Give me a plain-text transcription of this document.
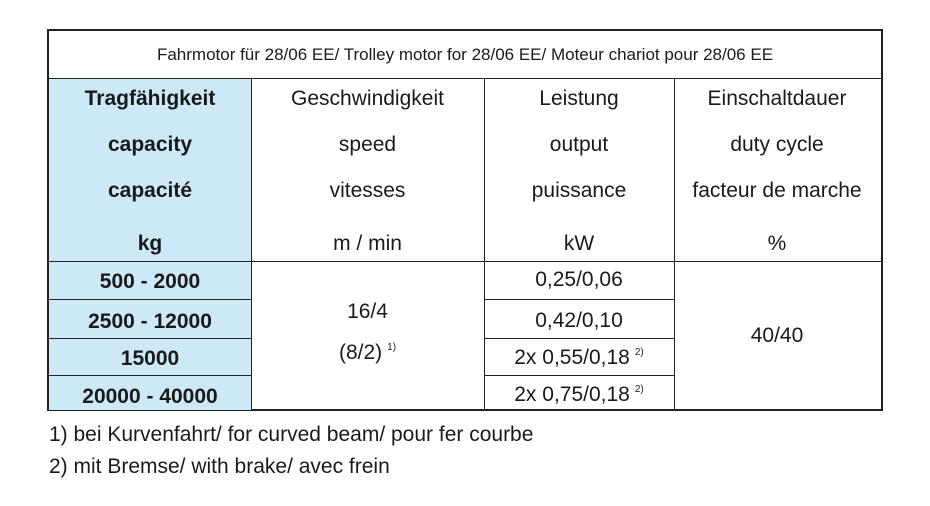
Fahrmotor für 28/06 EE/ Trolley motor for 28/06 EE/ Moteur chariot pour 28/06 EE
Tragfähigkeit
capacity
capacité
kg
Geschwindigkeit
speed
vitesses
m / min
Leistung
output
puissance
kW
Einschaltdauer
duty cycle
facteur de marche
%
500 - 2000
2500 - 12000
15000
20000 - 40000
16/4
(8/2) $^{1)}$
0,25/0,06
0,42/0,10
2x 0,55/0,18 $^{2)}$
2x 0,75/0,18 $^{2)}$
40/40
1) bei Kurvenfahrt/ for curved beam/ pour fer courbe
2) mit Bremse/ with brake/ avec frein
